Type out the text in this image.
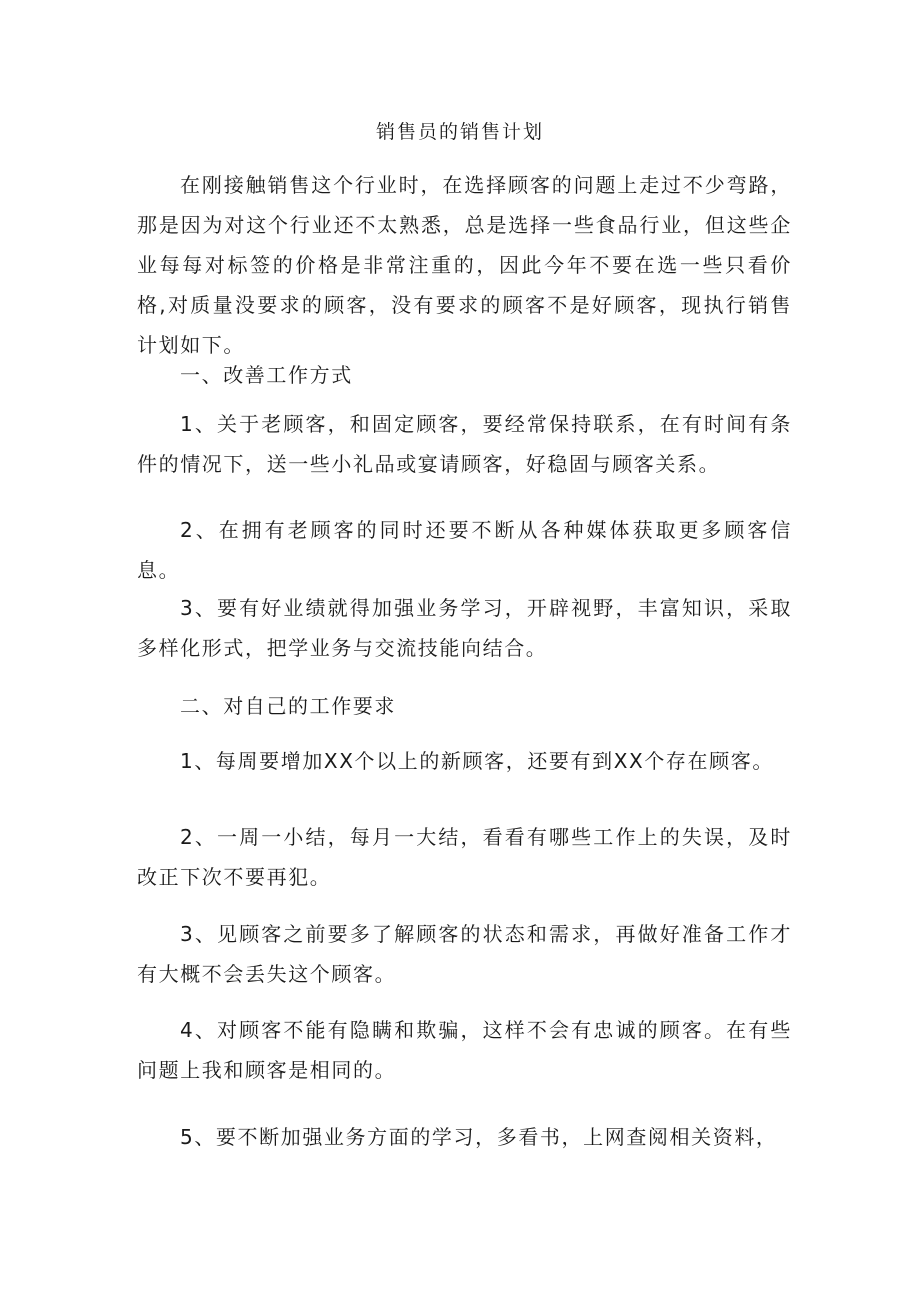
销售员的销售计划

在刚接触销售这个行业时，在选择顾客的问题上走过不少弯路，那是因为对这个行业还不太熟悉，总是选择一些食品行业，但这些企业每每对标签的价格是非常注重的，因此今年不要在选一些只看价格,对质量没要求的顾客，没有要求的顾客不是好顾客，现执行销售计划如下。

一、改善工作方式

1、关于老顾客，和固定顾客，要经常保持联系，在有时间有条件的情况下，送一些小礼品或宴请顾客，好稳固与顾客关系。

2、在拥有老顾客的同时还要不断从各种媒体获取更多顾客信息。

3、要有好业绩就得加强业务学习，开辟视野，丰富知识，采取多样化形式，把学业务与交流技能向结合。

二、对自己的工作要求

1、每周要增加XX个以上的新顾客，还要有到XX个存在顾客。

2、一周一小结，每月一大结，看看有哪些工作上的失误，及时改正下次不要再犯。

3、见顾客之前要多了解顾客的状态和需求，再做好准备工作才有大概不会丢失这个顾客。

4、对顾客不能有隐瞒和欺骗，这样不会有忠诚的顾客。在有些问题上我和顾客是相同的。

5、要不断加强业务方面的学习，多看书，上网查阅相关资料，
